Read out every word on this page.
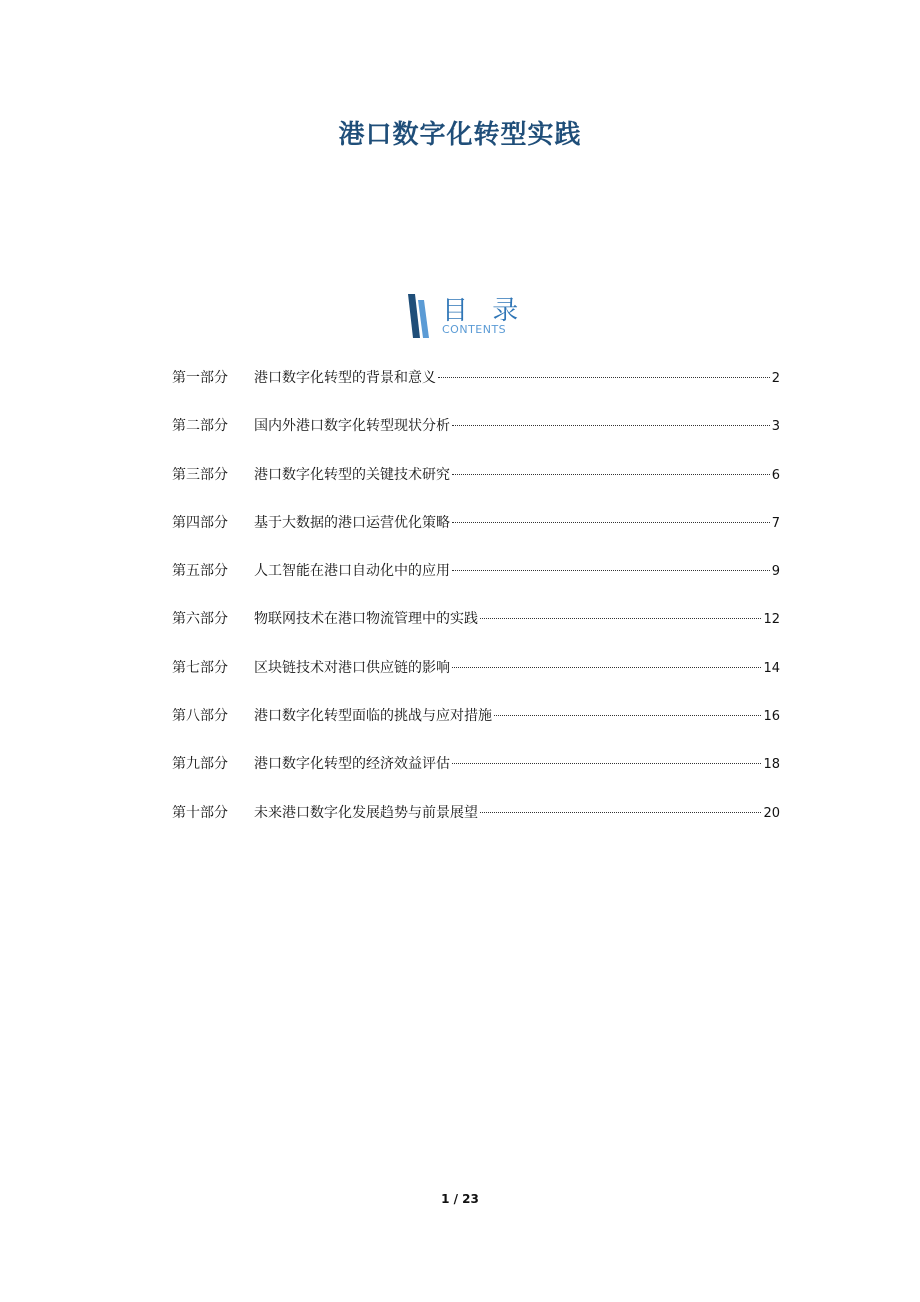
港口数字化转型实践
目 录
CONTENTS
第一部分	港口数字化转型的背景和意义	2
第二部分	国内外港口数字化转型现状分析	3
第三部分	港口数字化转型的关键技术研究	6
第四部分	基于大数据的港口运营优化策略	7
第五部分	人工智能在港口自动化中的应用	9
第六部分	物联网技术在港口物流管理中的实践	12
第七部分	区块链技术对港口供应链的影响	14
第八部分	港口数字化转型面临的挑战与应对措施	16
第九部分	港口数字化转型的经济效益评估	18
第十部分	未来港口数字化发展趋势与前景展望	20
1 / 23
